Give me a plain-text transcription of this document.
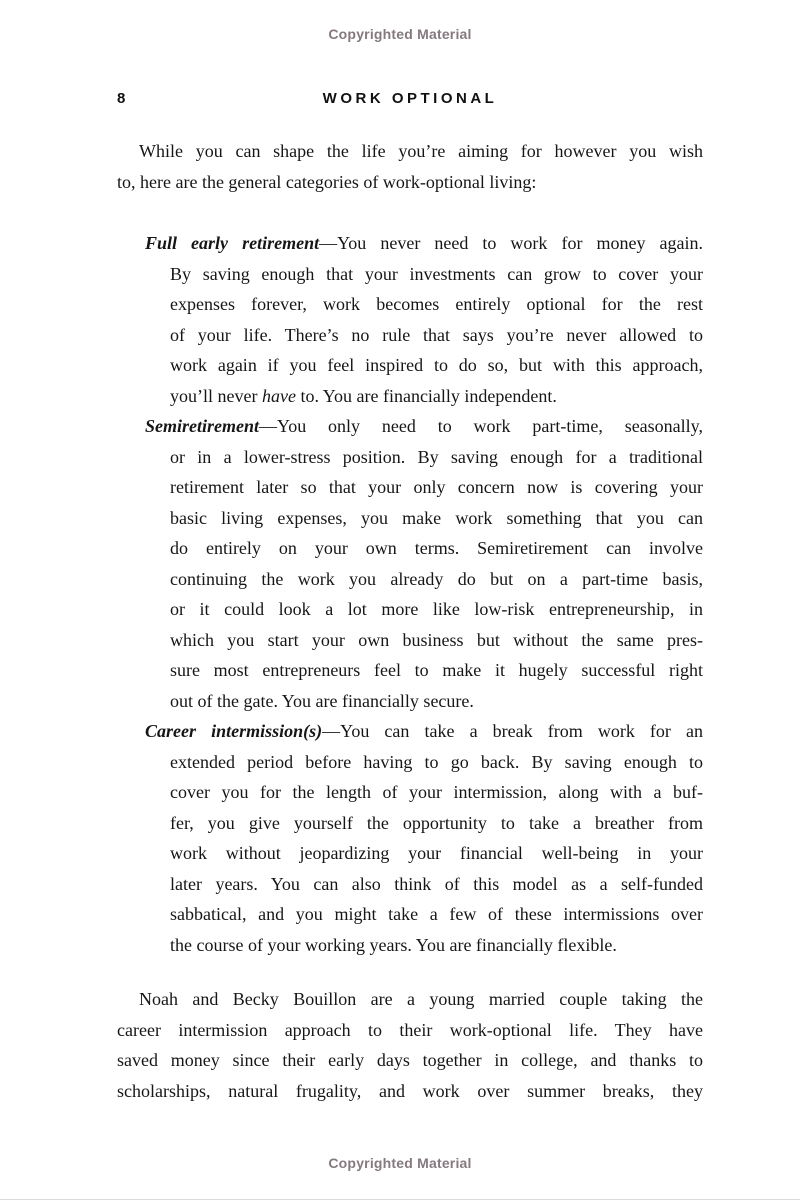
Copyrighted Material
8	WORK OPTIONAL
While you can shape the life you’re aiming for however you wish
to, here are the general categories of work-optional living:
Full early retirement—You never need to work for money again.
By saving enough that your investments can grow to cover your
expenses forever, work becomes entirely optional for the rest
of your life. There’s no rule that says you’re never allowed to
work again if you feel inspired to do so, but with this approach,
you’ll never have to. You are financially independent.
Semiretirement—You only need to work part-time, seasonally,
or in a lower-stress position. By saving enough for a traditional
retirement later so that your only concern now is covering your
basic living expenses, you make work something that you can
do entirely on your own terms. Semiretirement can involve
continuing the work you already do but on a part-time basis,
or it could look a lot more like low-risk entrepreneurship, in
which you start your own business but without the same pres-
sure most entrepreneurs feel to make it hugely successful right
out of the gate. You are financially secure.
Career intermission(s)—You can take a break from work for an
extended period before having to go back. By saving enough to
cover you for the length of your intermission, along with a buf-
fer, you give yourself the opportunity to take a breather from
work without jeopardizing your financial well-being in your
later years. You can also think of this model as a self-funded
sabbatical, and you might take a few of these intermissions over
the course of your working years. You are financially flexible.
Noah and Becky Bouillon are a young married couple taking the
career intermission approach to their work-optional life. They have
saved money since their early days together in college, and thanks to
scholarships, natural frugality, and work over summer breaks, they
Copyrighted Material
